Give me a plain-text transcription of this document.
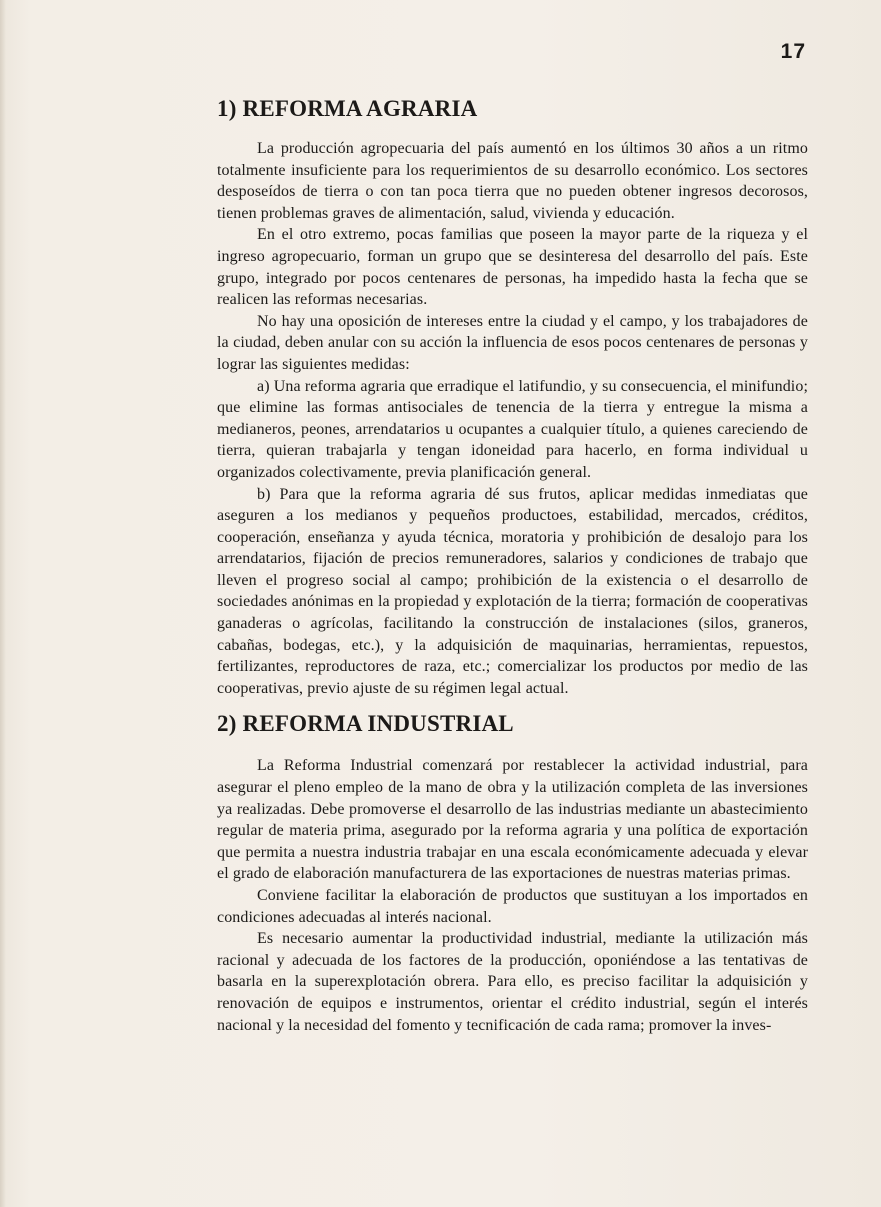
17
1) REFORMA AGRARIA

La producción agropecuaria del país aumentó en los últimos 30 años a un ritmo totalmente insuficiente para los requerimientos de su desarrollo económico. Los sectores desposeídos de tierra o con tan poca tierra que no pueden obtener ingresos decorosos, tienen problemas graves de alimentación, salud, vivienda y educación.

En el otro extremo, pocas familias que poseen la mayor parte de la riqueza y el ingreso agropecuario, forman un grupo que se desinteresa del desarrollo del país. Este grupo, integrado por pocos centenares de personas, ha impedido hasta la fecha que se realicen las reformas necesarias.

No hay una oposición de intereses entre la ciudad y el campo, y los trabajadores de la ciudad, deben anular con su acción la influencia de esos pocos centenares de personas y lograr las siguientes medidas:

a) Una reforma agraria que erradique el latifundio, y su consecuencia, el minifundio; que elimine las formas antisociales de tenencia de la tierra y entregue la misma a medianeros, peones, arrendatarios u ocupantes a cualquier título, a quienes careciendo de tierra, quieran trabajarla y tengan idoneidad para hacerlo, en forma individual u organizados colectivamente, previa planificación general.

b) Para que la reforma agraria dé sus frutos, aplicar medidas inmediatas que aseguren a los medianos y pequeños productoes, estabilidad, mercados, créditos, cooperación, enseñanza y ayuda técnica, moratoria y prohibición de desalojo para los arrendatarios, fijación de precios remuneradores, salarios y condiciones de trabajo que lleven el progreso social al campo; prohibición de la existencia o el desarrollo de sociedades anónimas en la propiedad y explotación de la tierra; formación de cooperativas ganaderas o agrícolas, facilitando la construcción de instalaciones (silos, graneros, cabañas, bodegas, etc.), y la adquisición de maquinarias, herramientas, repuestos, fertilizantes, reproductores de raza, etc.; comercializar los productos por medio de las cooperativas, previo ajuste de su régimen legal actual.

2) REFORMA INDUSTRIAL

La Reforma Industrial comenzará por restablecer la actividad industrial, para asegurar el pleno empleo de la mano de obra y la utilización completa de las inversiones ya realizadas. Debe promoverse el desarrollo de las industrias mediante un abastecimiento regular de materia prima, asegurado por la reforma agraria y una política de exportación que permita a nuestra industria trabajar en una escala económicamente adecuada y elevar el grado de elaboración manufacturera de las exportaciones de nuestras materias primas.

Conviene facilitar la elaboración de productos que sustituyan a los importados en condiciones adecuadas al interés nacional.

Es necesario aumentar la productividad industrial, mediante la utilización más racional y adecuada de los factores de la producción, oponiéndose a las tentativas de basarla en la superexplotación obrera. Para ello, es preciso facilitar la adquisición y renovación de equipos e instrumentos, orientar el crédito industrial, según el interés nacional y la necesidad del fomento y tecnificación de cada rama; promover la inves-
